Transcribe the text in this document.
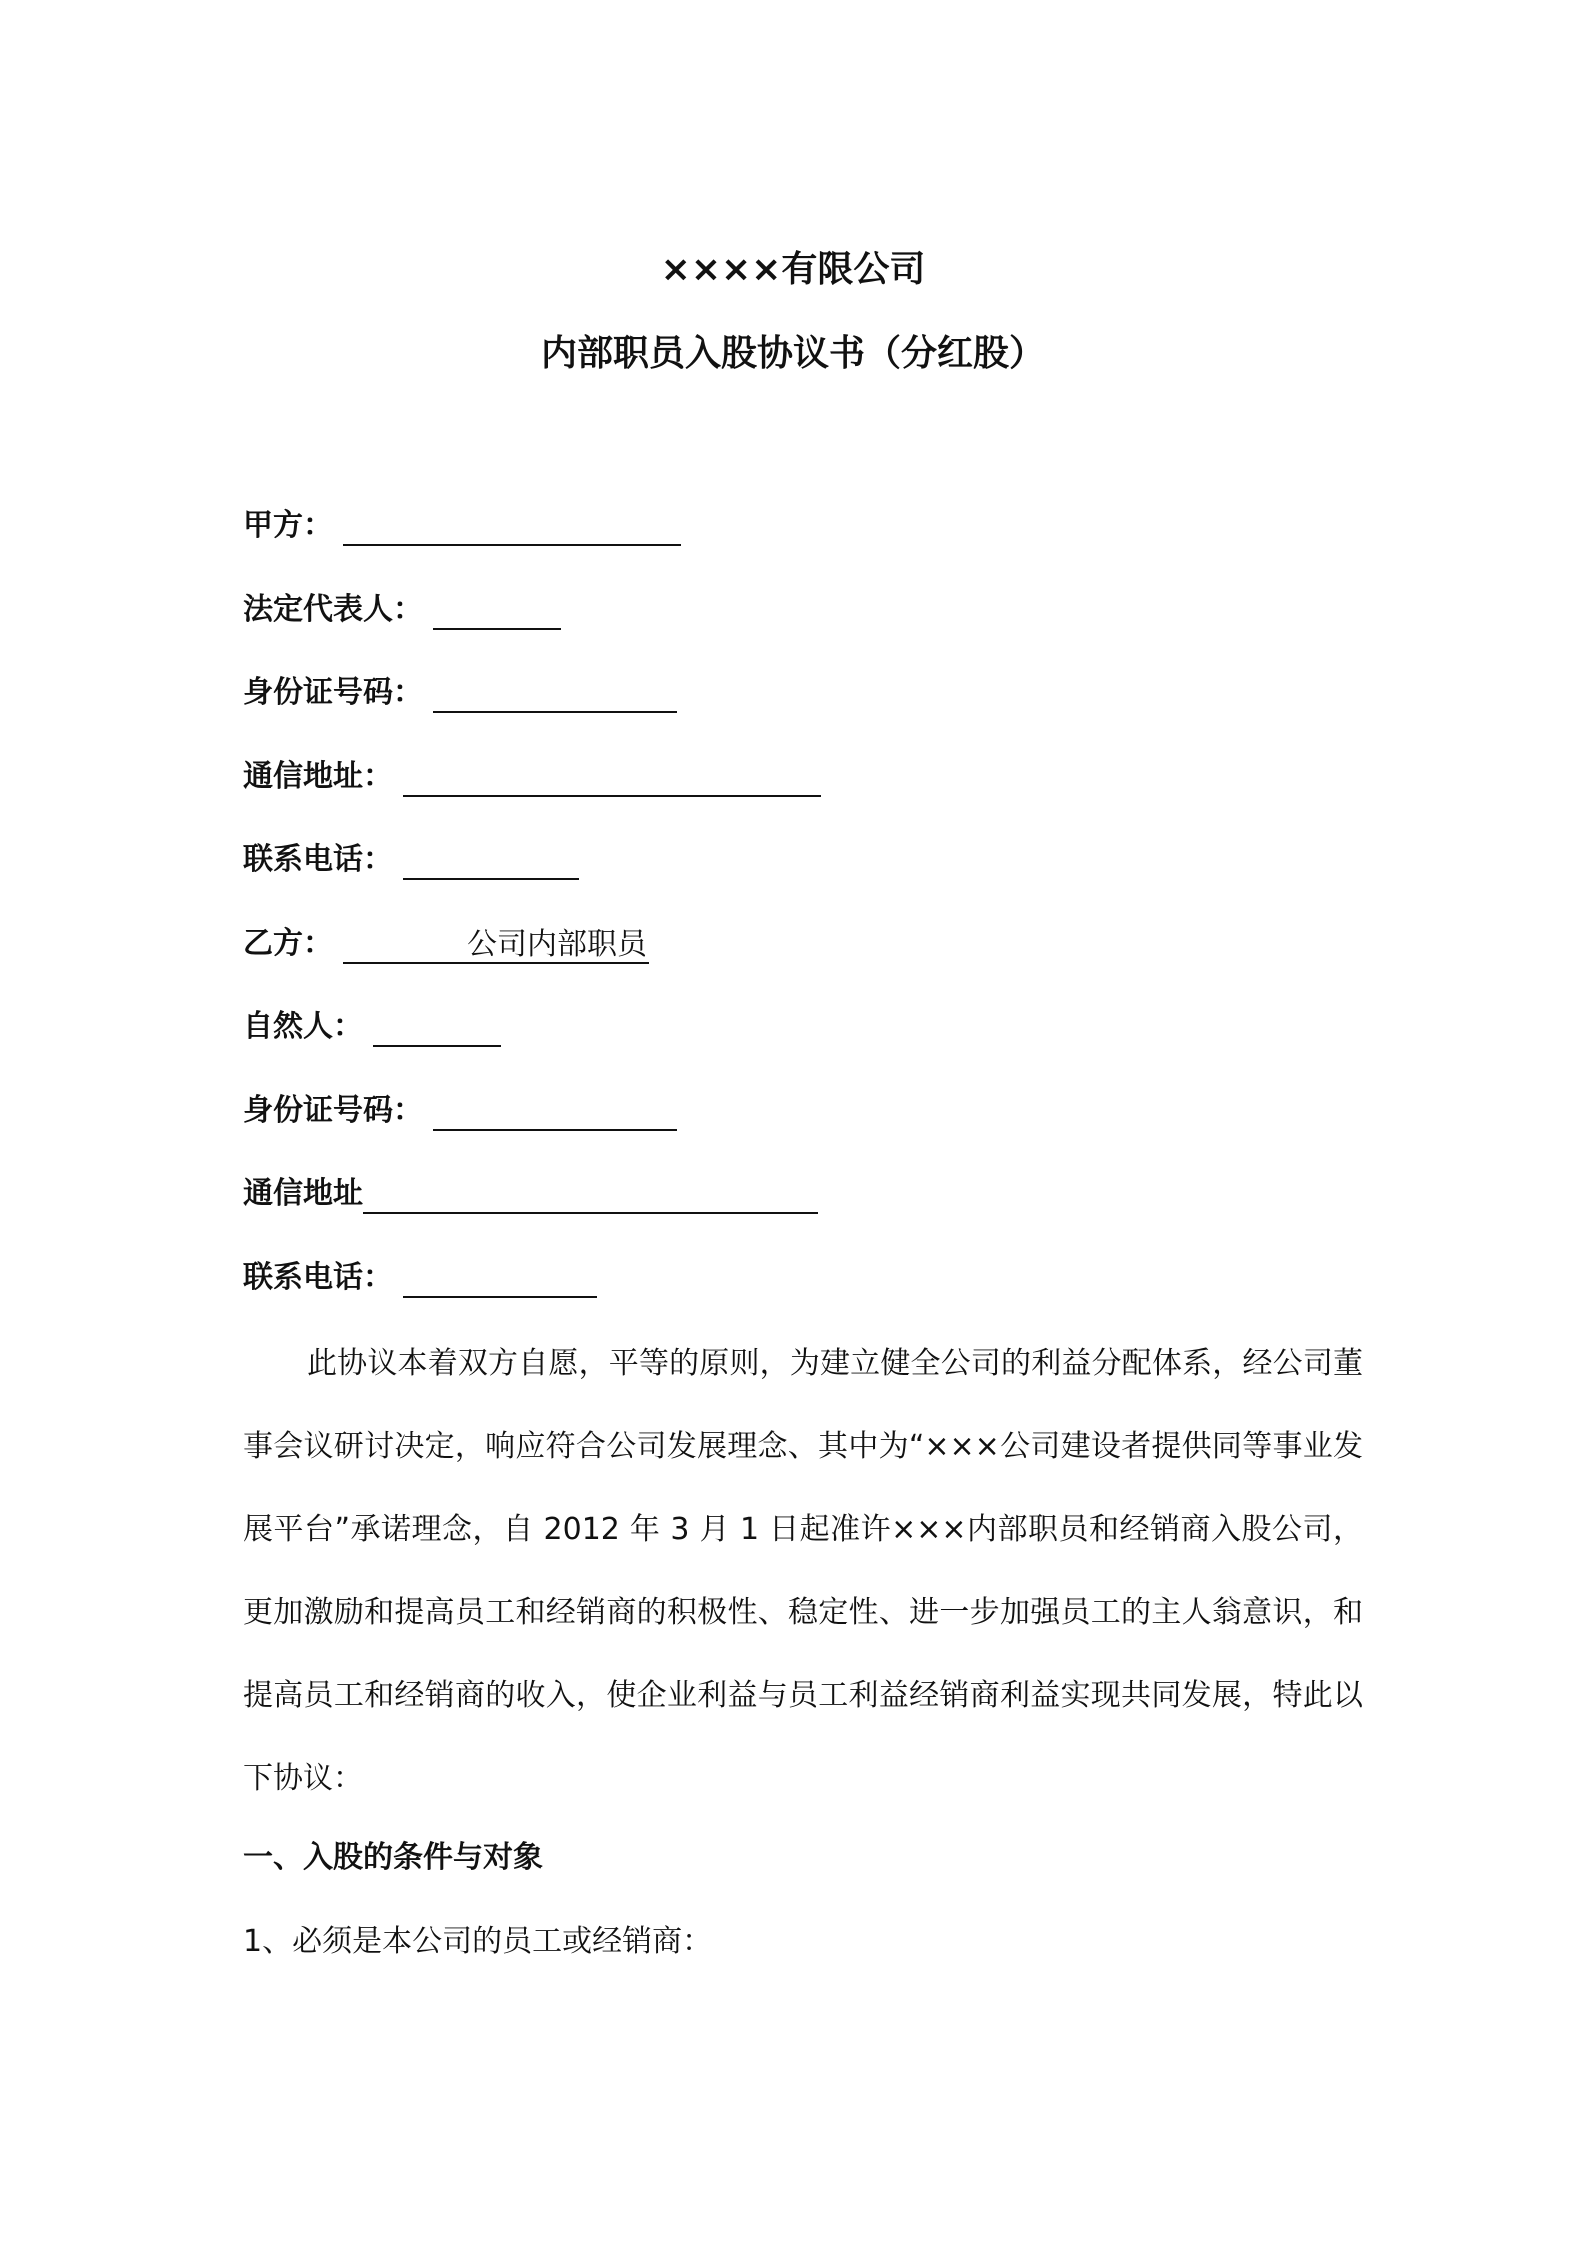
××××有限公司
内部职员入股协议书（分红股）
甲方：
法定代表人：
身份证号码：
通信地址：
联系电话：
乙方：	公司内部职员
自然人：
身份证号码：
通信地址
联系电话：
此协议本着双方自愿，平等的原则，为建立健全公司的利益分配体系，经公司董事会议研讨决定，响应符合公司发展理念、其中为“×××公司建设者提供同等事业发展平台”承诺理念，自 2012 年 3 月 1 日起准许×××内部职员和经销商入股公司，更加激励和提高员工和经销商的积极性、稳定性、进一步加强员工的主人翁意识，和提高员工和经销商的收入，使企业利益与员工利益经销商利益实现共同发展，特此以下协议：
一、入股的条件与对象
1、必须是本公司的员工或经销商：
